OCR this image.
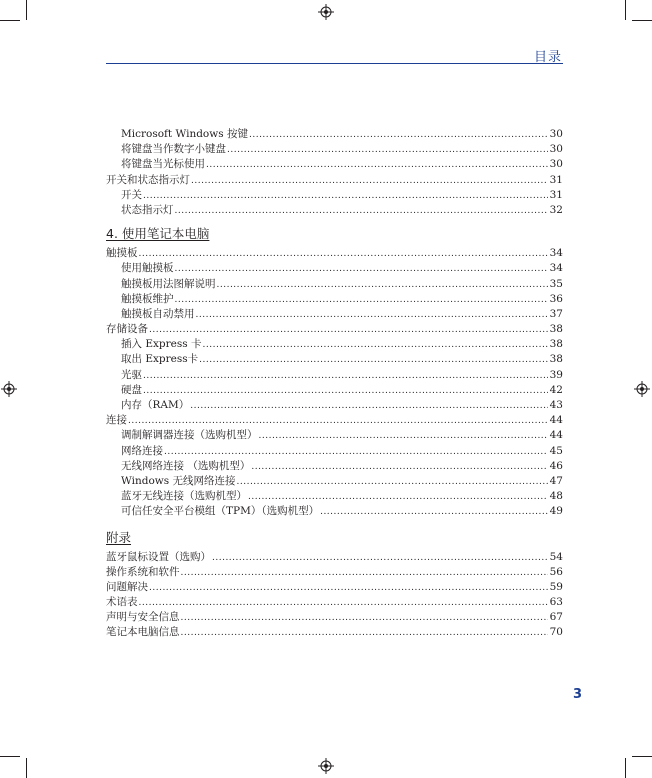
目录
Microsoft Windows 按键 .....	30
将键盘当作数字小键盘 .....	30
将键盘当光标使用 .....	30
开关和状态指示灯 .....	31
开关 .....	31
状态指示灯 .....	32
4. 使用笔记本电脑
触摸板 .....	34
使用触摸板 .....	34
触摸板用法图解说明 .....	35
触摸板维护 .....	36
触摸板自动禁用 .....	37
存储设备 .....	38
插入 Express 卡 .....	38
取出 Express卡 .....	38
光驱 .....	39
硬盘 .....	42
内存（RAM） .....	43
连接 .....	44
调制解调器连接（选购机型） .....	44
网络连接 .....	45
无线网络连接 （选购机型） .....	46
Windows 无线网络连接 .....	47
蓝牙无线连接（选购机型） .....	48
可信任安全平台模组（TPM）（选购机型） .....	49
附录
蓝牙鼠标设置（选购） .....	54
操作系统和软件 .....	56
问题解决 .....	59
术语表 .....	63
声明与安全信息 .....	67
笔记本电脑信息 .....	70
3
